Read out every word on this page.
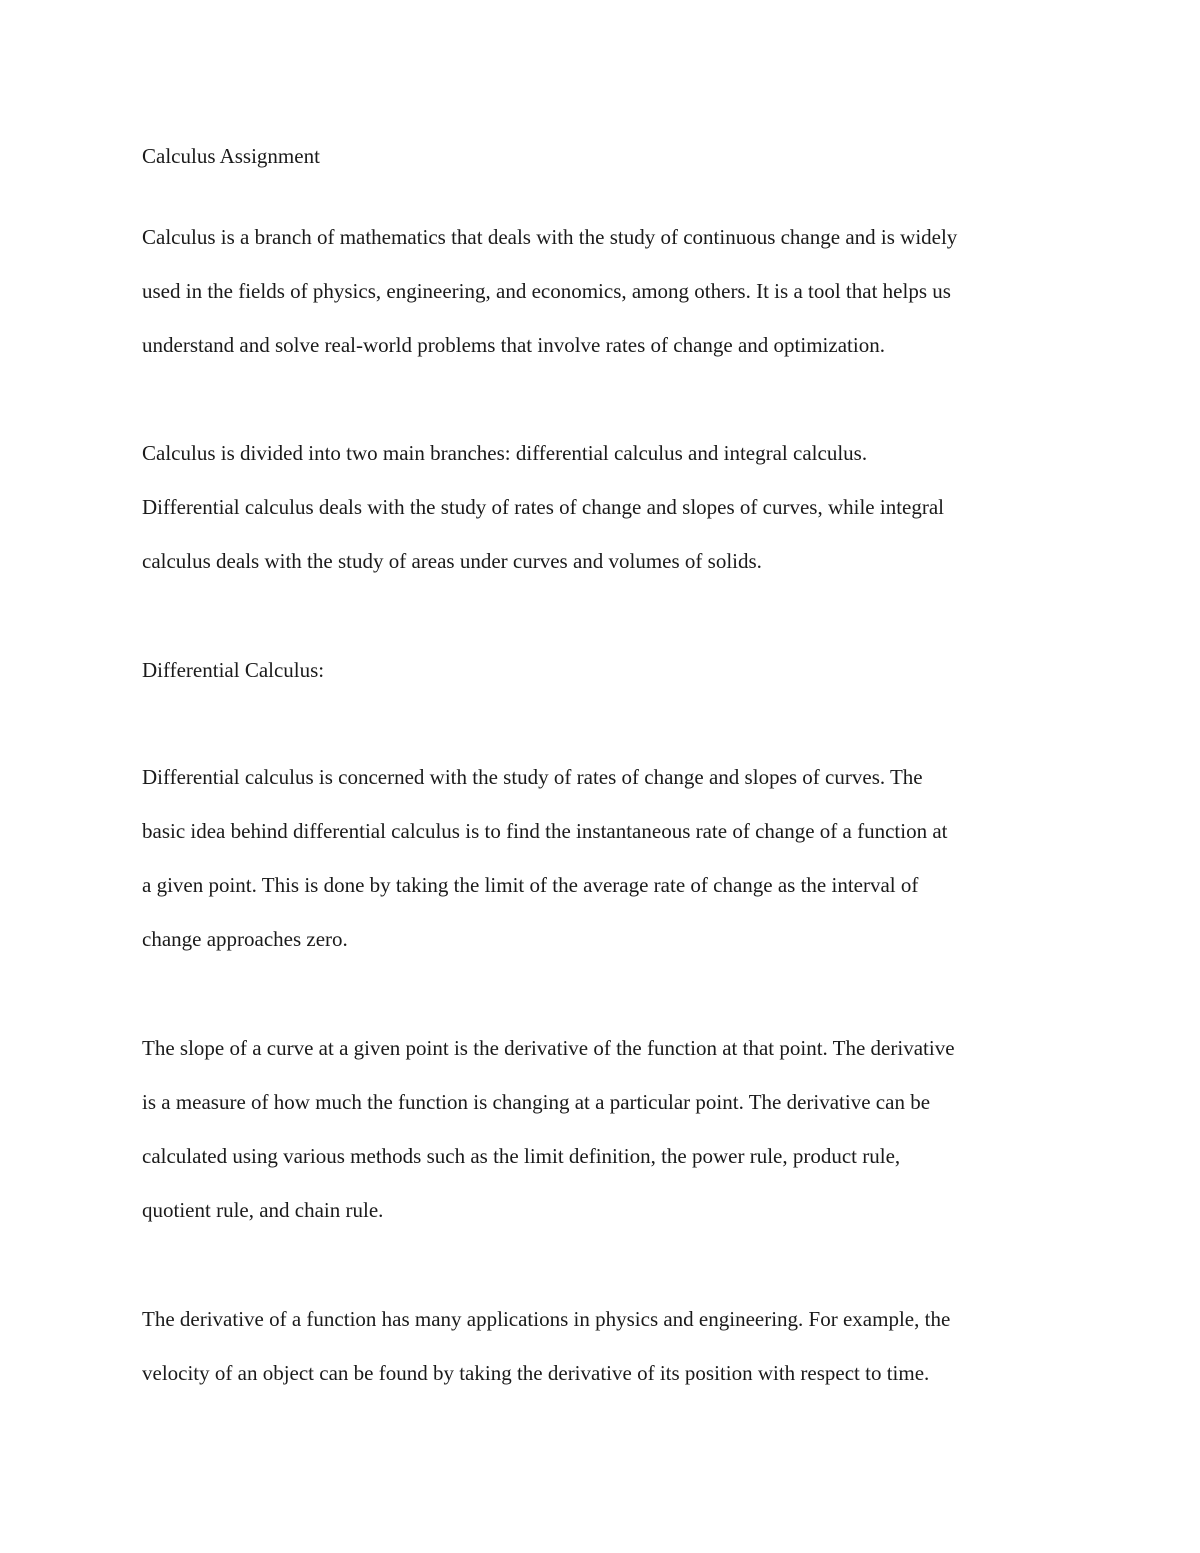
Calculus Assignment

Calculus is a branch of mathematics that deals with the study of continuous change and is widely

used in the fields of physics, engineering, and economics, among others. It is a tool that helps us

understand and solve real-world problems that involve rates of change and optimization.

Calculus is divided into two main branches: differential calculus and integral calculus.

Differential calculus deals with the study of rates of change and slopes of curves, while integral

calculus deals with the study of areas under curves and volumes of solids.

Differential Calculus:

Differential calculus is concerned with the study of rates of change and slopes of curves. The

basic idea behind differential calculus is to find the instantaneous rate of change of a function at

a given point. This is done by taking the limit of the average rate of change as the interval of

change approaches zero.

The slope of a curve at a given point is the derivative of the function at that point. The derivative

is a measure of how much the function is changing at a particular point. The derivative can be

calculated using various methods such as the limit definition, the power rule, product rule,

quotient rule, and chain rule.

The derivative of a function has many applications in physics and engineering. For example, the

velocity of an object can be found by taking the derivative of its position with respect to time.
